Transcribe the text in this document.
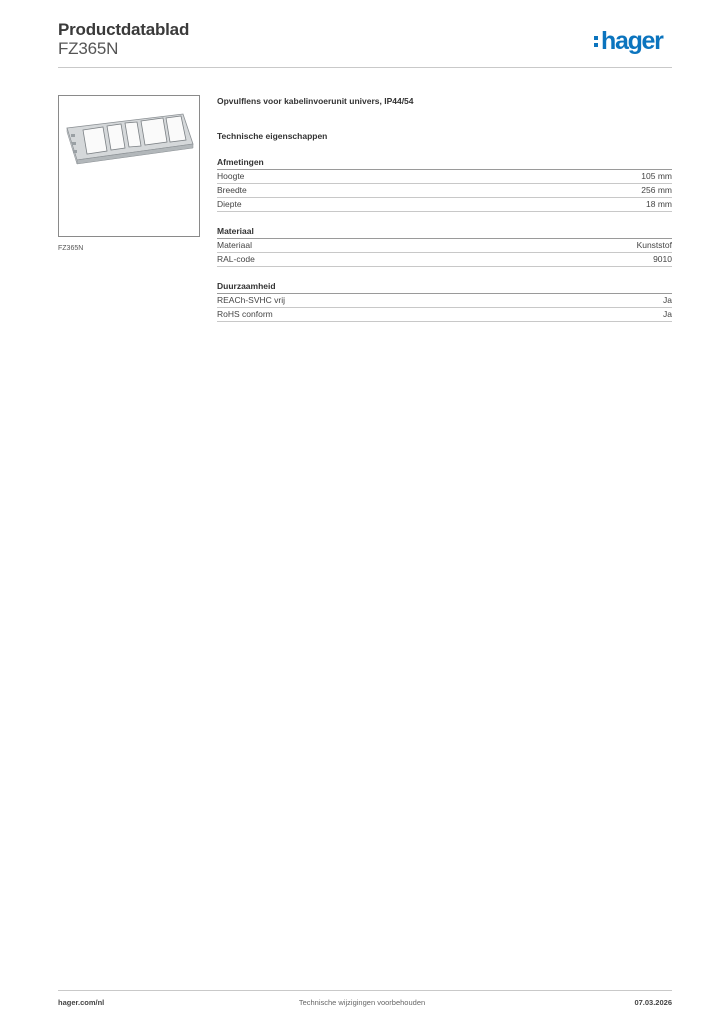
Productdatablad
FZ365N	hager
FZ365N
Opvulflens voor kabelinvoerunit univers, IP44/54
Technische eigenschappen
Afmetingen
Hoogte	105 mm
Breedte	256 mm
Diepte	18 mm
Materiaal
Materiaal	Kunststof
RAL-code	9010
Duurzaamheid
REACh-SVHC vrij	Ja
RoHS conform	Ja
hager.com/nl	Technische wijzigingen voorbehouden	07.03.2026
